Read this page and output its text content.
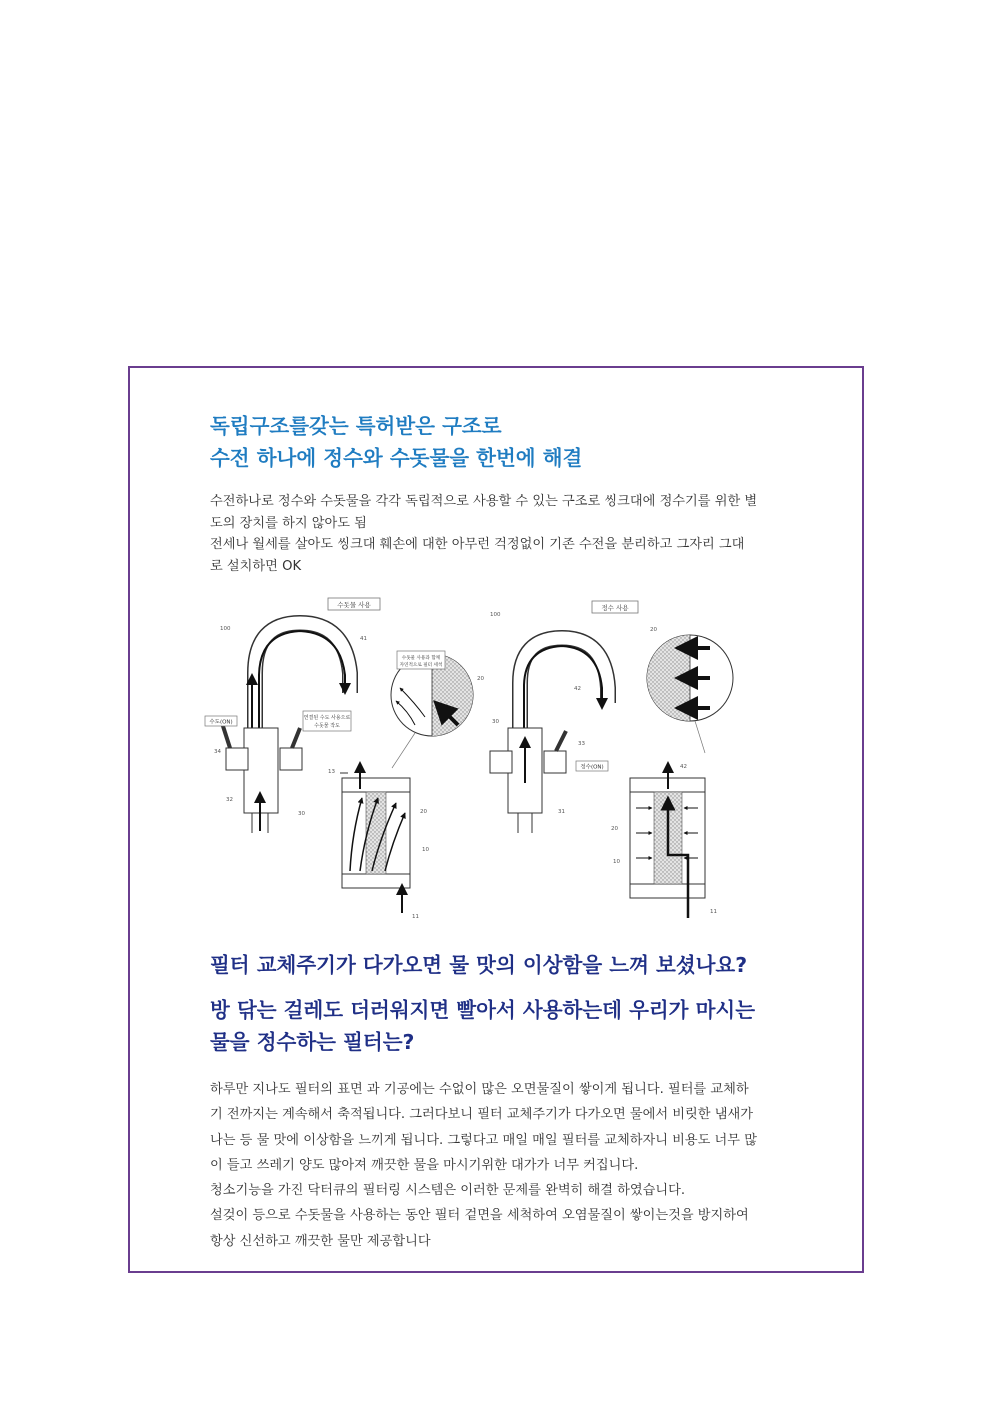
독립구조를갖는 특허받은 구조로
수전 하나에 정수와 수돗물을 한번에 해결

수전하나로 정수와 수돗물을 각각 독립적으로 사용할 수 있는 구조로 씽크대에 정수기를 위한 별
도의 장치를 하지 않아도 됨
전세나 월세를 살아도 씽크대 훼손에 대한 아무런 걱정없이 기존 수전을 분리하고 그자리 그대
로 설치하면 OK

수돗물 사용
100
41
수도(ON)
연결된 수도 사용으로
수돗물 작도
34
32
30
수돗물 사용과 함께
자연적으로 필터 세척
20
13
20
10
11
정수 사용
100
42
30
33
정수(ON)
31
20
42
20
10
11
필터 교체주기가 다가오면 물 맛의 이상함을 느껴 보셨나요?
방 닦는 걸레도 더러워지면 빨아서 사용하는데 우리가 마시는
물을 정수하는 필터는?

하루만 지나도 필터의 표면 과 기공에는 수없이 많은 오면물질이 쌓이게 됩니다. 필터를 교체하
기 전까지는 계속해서 축적됩니다. 그러다보니 필터 교체주기가 다가오면 물에서 비릿한 냄새가
나는 등 물 맛에 이상함을 느끼게 됩니다. 그렇다고 매일 매일 필터를 교체하자니 비용도 너무 많
이 들고 쓰레기 양도 많아져 깨끗한 물을 마시기위한 대가가 너무 커집니다.
청소기능을 가진 닥터큐의 필터링 시스템은 이러한 문제를 완벽히 해결 하였습니다.
설겆이 등으로 수돗물을 사용하는 동안 필터 겉면을 세척하여 오염물질이 쌓이는것을 방지하여
항상 신선하고 깨끗한 물만 제공합니다
